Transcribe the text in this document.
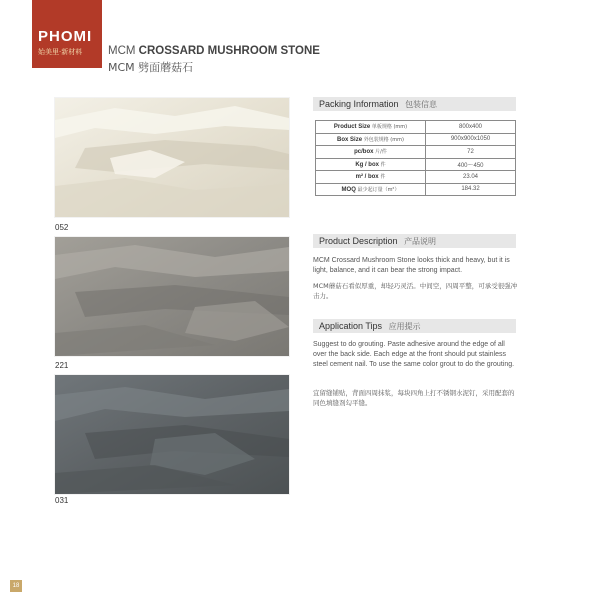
PHOMI
始美里·新材料 MCM CROSSARD MUSHROOM STONE
MCM 劈面蘑菇石
052
221
031
Packing Information 包装信息
Product Size 单板规格 (mm)	800x400
Box Size 外包装规格 (mm)	900x900x1050
pc/box 片/件	72
Kg / box 件	400～450
m² / box 件	23.04
MOQ 最少起订量（m²）	184.32
Product Description 产品说明
MCM Crossard Mushroom Stone looks thick and heavy, but it is light, balance, and it can bear the strong impact.
MCM蘑菇石看似厚重，却轻巧灵活。中间空，四周平整，可承受很强冲击力。
Application Tips 应用提示
Suggest to do grouting. Paste adhesive around the edge of all over the back side. Each edge at the front should put stainless steel cement nail. To use the same color grout to do the grouting.
宜留缝铺贴，背面四周抹浆，每块四角上打不锈钢水泥钉，采用配套的同色填缝剂勾平缝。
18
